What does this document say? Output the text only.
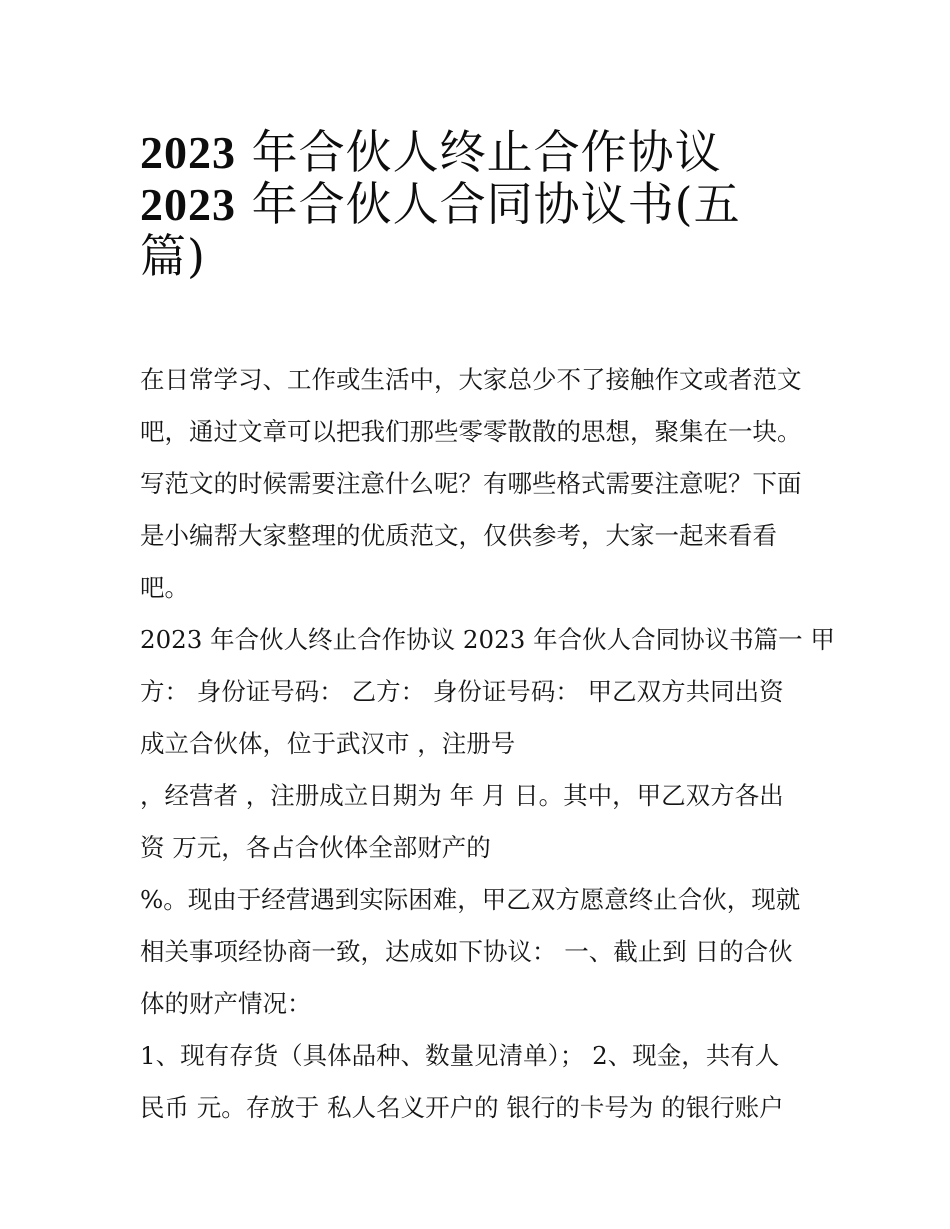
2023 年合伙人终止合作协议
2023 年合伙人合同协议书(五
篇)

在日常学习、工作或生活中，大家总少不了接触作文或者范文
吧，通过文章可以把我们那些零零散散的思想，聚集在一块。
写范文的时候需要注意什么呢？有哪些格式需要注意呢？下面
是小编帮大家整理的优质范文，仅供参考，大家一起来看看
吧。

2023 年合伙人终止合作协议 2023 年合伙人合同协议书篇一 甲
方： 身份证号码： 乙方： 身份证号码： 甲乙双方共同出资
成立合伙体，位于武汉市 ，注册号
，经营者 ，注册成立日期为 年 月 日。其中，甲乙双方各出
资 万元，各占合伙体全部财产的
%。现由于经营遇到实际困难，甲乙双方愿意终止合伙，现就
相关事项经协商一致，达成如下协议： 一、截止到 日的合伙
体的财产情况：
1、现有存货（具体品种、数量见清单）； 2、现金，共有人
民币 元。存放于 私人名义开户的 银行的卡号为 的银行账户
